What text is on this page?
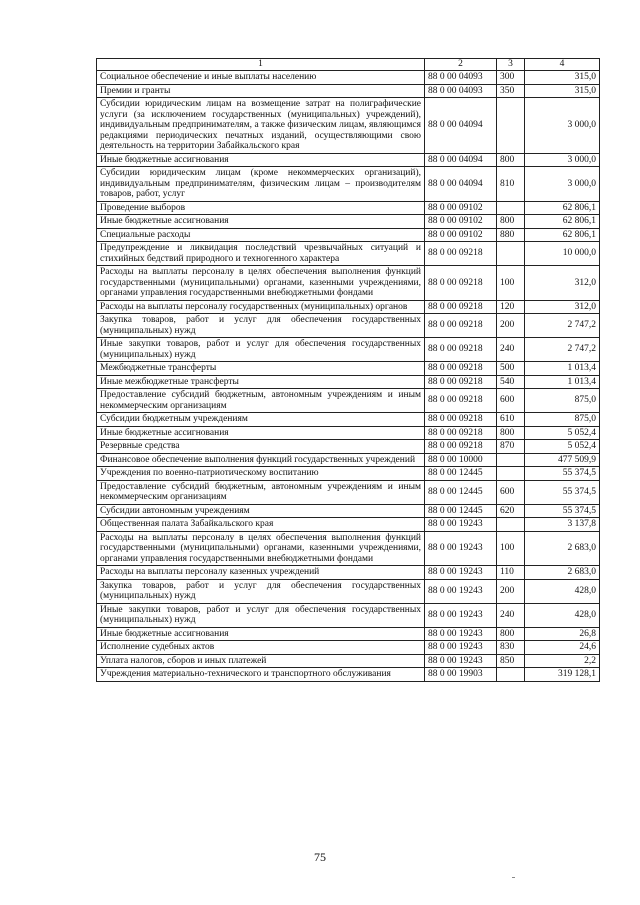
1	2	3	4
Социальное обеспечение и иные выплаты населению	88 0 00 04093	300	315,0
Премии и гранты	88 0 00 04093	350	315,0
Субсидии юридическим лицам на возмещение затрат на полиграфические услуги (за исключением государственных (муниципальных) учреждений), индивидуальным предпринимателям, а также физическим лицам, являющимся редакциями периодических печатных изданий, осуществляющими свою деятельность на территории Забайкальского края	88 0 00 04094		3 000,0
Иные бюджетные ассигнования	88 0 00 04094	800	3 000,0
Субсидии юридическим лицам (кроме некоммерческих организаций), индивидуальным предпринимателям, физическим лицам – производителям товаров, работ, услуг	88 0 00 04094	810	3 000,0
Проведение выборов	88 0 00 09102		62 806,1
Иные бюджетные ассигнования	88 0 00 09102	800	62 806,1
Специальные расходы	88 0 00 09102	880	62 806,1
Предупреждение и ликвидация последствий чрезвычайных ситуаций и стихийных бедствий природного и техногенного характера	88 0 00 09218		10 000,0
Расходы на выплаты персоналу в целях обеспечения выполнения функций государственными (муниципальными) органами, казенными учреждениями, органами управления государственными внебюджетными фондами	88 0 00 09218	100	312,0
Расходы на выплаты персоналу государственных (муниципальных) органов	88 0 00 09218	120	312,0
Закупка товаров, работ и услуг для обеспечения государственных (муниципальных) нужд	88 0 00 09218	200	2 747,2
Иные закупки товаров, работ и услуг для обеспечения государственных (муниципальных) нужд	88 0 00 09218	240	2 747,2
Межбюджетные трансферты	88 0 00 09218	500	1 013,4
Иные межбюджетные трансферты	88 0 00 09218	540	1 013,4
Предоставление субсидий бюджетным, автономным учреждениям и иным некоммерческим организациям	88 0 00 09218	600	875,0
Субсидии бюджетным учреждениям	88 0 00 09218	610	875,0
Иные бюджетные ассигнования	88 0 00 09218	800	5 052,4
Резервные средства	88 0 00 09218	870	5 052,4
Финансовое обеспечение выполнения функций государственных учреждений	88 0 00 10000		477 509,9
Учреждения по военно-патриотическому воспитанию	88 0 00 12445		55 374,5
Предоставление субсидий бюджетным, автономным учреждениям и иным некоммерческим организациям	88 0 00 12445	600	55 374,5
Субсидии автономным учреждениям	88 0 00 12445	620	55 374,5
Общественная палата Забайкальского края	88 0 00 19243		3 137,8
Расходы на выплаты персоналу в целях обеспечения выполнения функций государственными (муниципальными) органами, казенными учреждениями, органами управления государственными внебюджетными фондами	88 0 00 19243	100	2 683,0
Расходы на выплаты персоналу казенных учреждений	88 0 00 19243	110	2 683,0
Закупка товаров, работ и услуг для обеспечения государственных (муниципальных) нужд	88 0 00 19243	200	428,0
Иные закупки товаров, работ и услуг для обеспечения государственных (муниципальных) нужд	88 0 00 19243	240	428,0
Иные бюджетные ассигнования	88 0 00 19243	800	26,8
Исполнение судебных актов	88 0 00 19243	830	24,6
Уплата налогов, сборов и иных платежей	88 0 00 19243	850	2,2
Учреждения материально-технического и транспортного обслуживания	88 0 00 19903		319 128,1
75
